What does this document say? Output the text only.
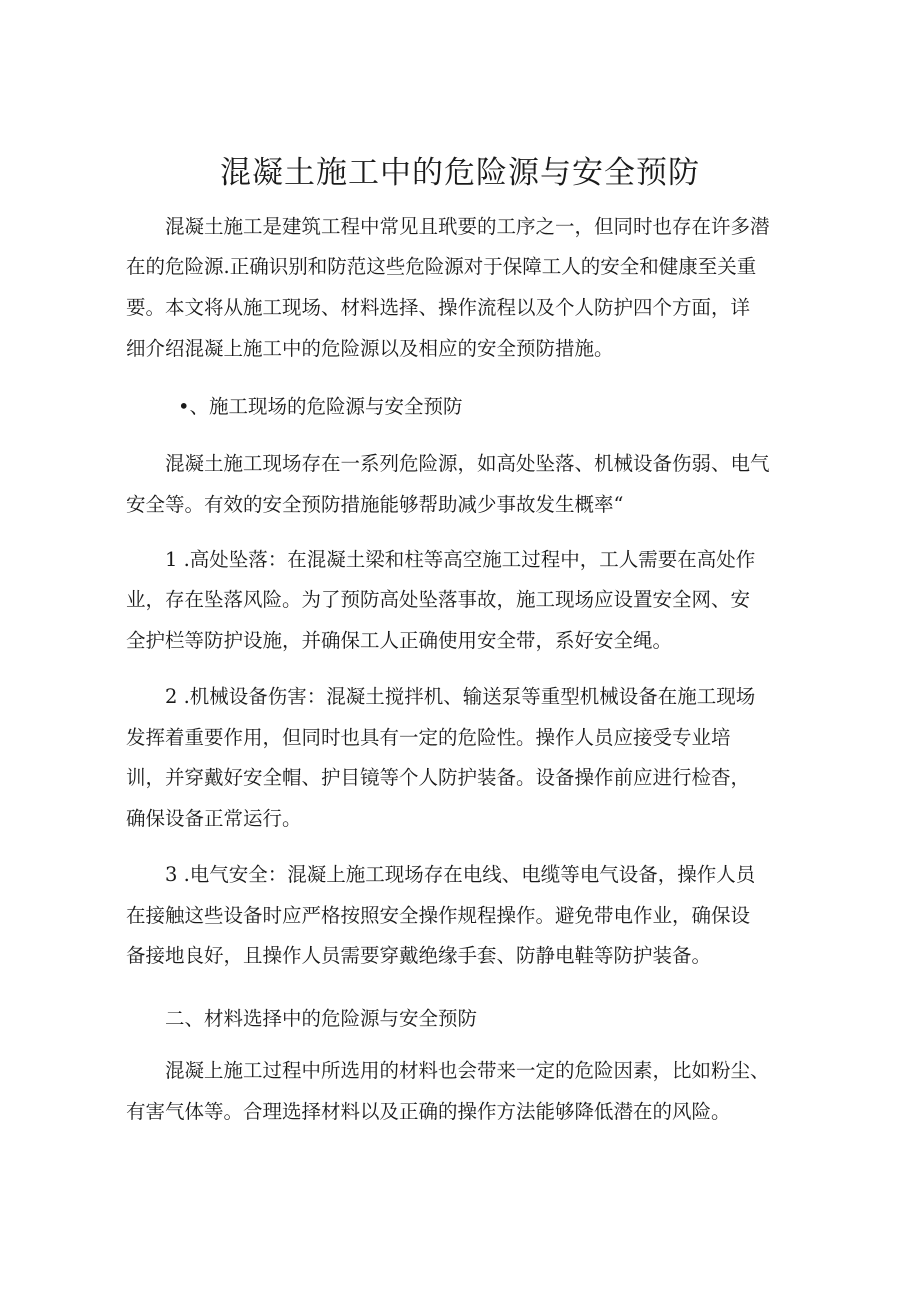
混凝土施工中的危险源与安全预防

混凝土施工是建筑工程中常见且玳要的工序之一，但同时也存在许多潜

在的危险源.正确识别和防范这些危险源对于保障工人的安全和健康至关重

要。本文将从施工现场、材料选择、操作流程以及个人防护四个方面，详

细介绍混凝上施工中的危险源以及相应的安全预防措施。

•、施工现场的危险源与安全预防

混凝土施工现场存在一系列危险源，如高处坠落、机械设备伤弱、电气

安全等。有效的安全预防措施能够帮助减少事故发生概率“

1 .高处坠落：在混凝土梁和柱等高空施工过程中，工人需要在高处作

业，存在坠落风险。为了预防高处坠落事故，施工现场应设置安全网、安

全护栏等防护设施，并确保工人正确使用安全带，系好安全绳。

2 .机械设备伤害：混凝土搅拌机、输送泵等重型机械设备在施工现场

发挥着重要作用，但同时也具有一定的危险性。操作人员应接受专业培

训，并穿戴好安全帽、护目镜等个人防护装备。设备操作前应进行检杳，

确保设备正常运行。

3 .电气安全：混凝上施工现场存在电线、电缆等电气设备，操作人员

在接触这些设备时应严格按照安全操作规程操作。避免带电作业，确保设

备接地良好，且操作人员需要穿戴绝缘手套、防静电鞋等防护装备。

二、材料选择中的危险源与安全预防

混凝上施工过程中所选用的材料也会带来一定的危险因素，比如粉尘、

有害气体等。合理选择材料以及正确的操作方法能够降低潜在的风险。
